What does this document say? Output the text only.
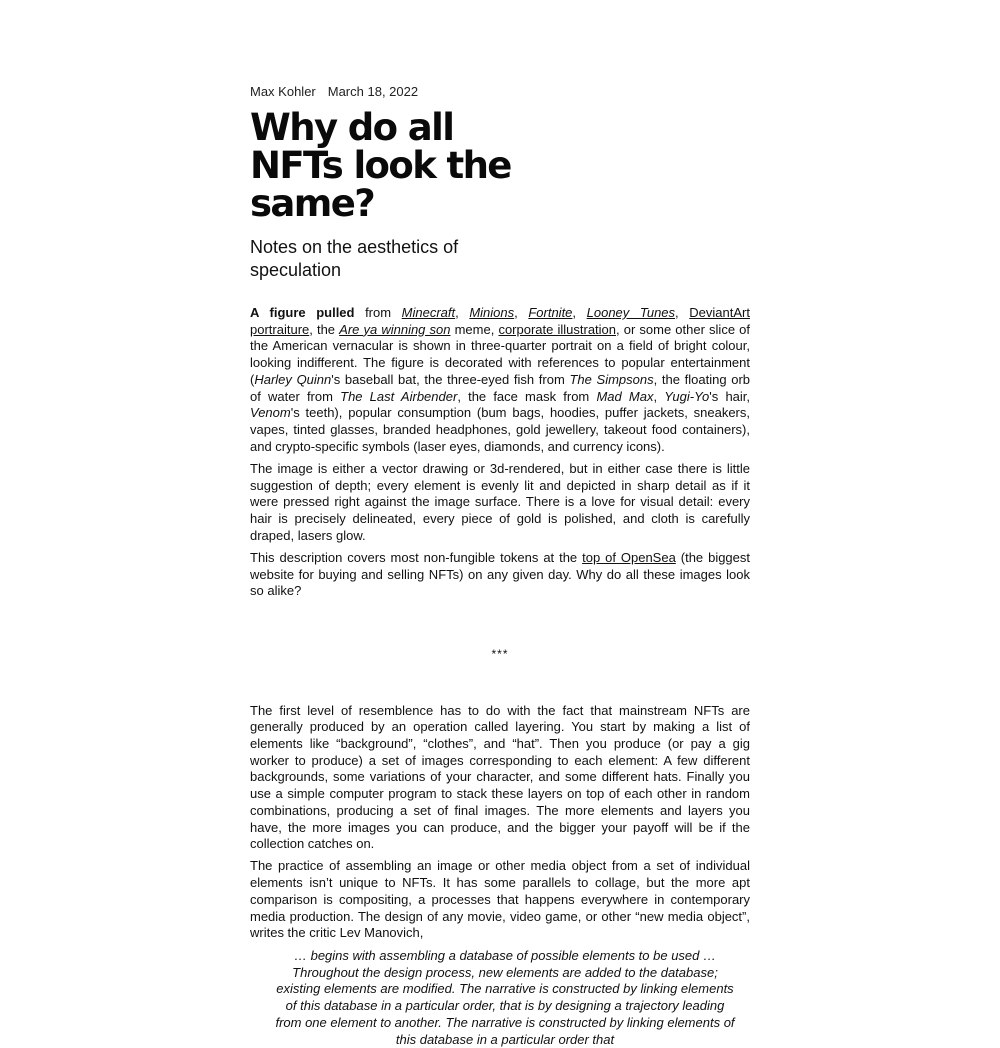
Max Kohler March 18, 2022
Why do all NFTs look the same?
Notes on the aesthetics of speculation

A figure pulled from Minecraft, Minions, Fortnite, Looney Tunes, DeviantArt portraiture, the Are ya winning son meme, corporate illustration, or some other slice of the American vernacular is shown in three-quarter portrait on a field of bright colour, looking indifferent. The figure is decorated with references to popular entertainment (Harley Quinn's baseball bat, the three-eyed fish from The Simpsons, the floating orb of water from The Last Airbender, the face mask from Mad Max, Yugi-Yo's hair, Venom's teeth), popular consumption (bum bags, hoodies, puffer jackets, sneakers, vapes, tinted glasses, branded headphones, gold jewellery, takeout food containers), and crypto-specific symbols (laser eyes, diamonds, and currency icons).

The image is either a vector drawing or 3d-rendered, but in either case there is little suggestion of depth; every element is evenly lit and depicted in sharp detail as if it were pressed right against the image surface. There is a love for visual detail: every hair is precisely delineated, every piece of gold is polished, and cloth is carefully draped, lasers glow.

This description covers most non-fungible tokens at the top of OpenSea (the biggest website for buying and selling NFTs) on any given day. Why do all these images look so alike?

***

The first level of resemblence has to do with the fact that mainstream NFTs are generally produced by an operation called layering. You start by making a list of elements like “background”, “clothes”, and “hat”. Then you produce (or pay a gig worker to produce) a set of images corresponding to each element: A few different backgrounds, some variations of your character, and some different hats. Finally you use a simple computer program to stack these layers on top of each other in random combinations, producing a set of final images. The more elements and layers you have, the more images you can produce, and the bigger your payoff will be if the collection catches on.

The practice of assembling an image or other media object from a set of individual elements isn’t unique to NFTs. It has some parallels to collage, but the more apt comparison is compositing, a processes that happens everywhere in contemporary media production. The design of any movie, video game, or other “new media object”, writes the critic Lev Manovich,

… begins with assembling a database of possible elements to be used … Throughout the design process, new elements are added to the database; existing elements are modified. The narrative is constructed by linking elements of this database in a particular order, that is by designing a trajectory leading from one element to another. The narrative is constructed by linking elements of this database in a particular order that
